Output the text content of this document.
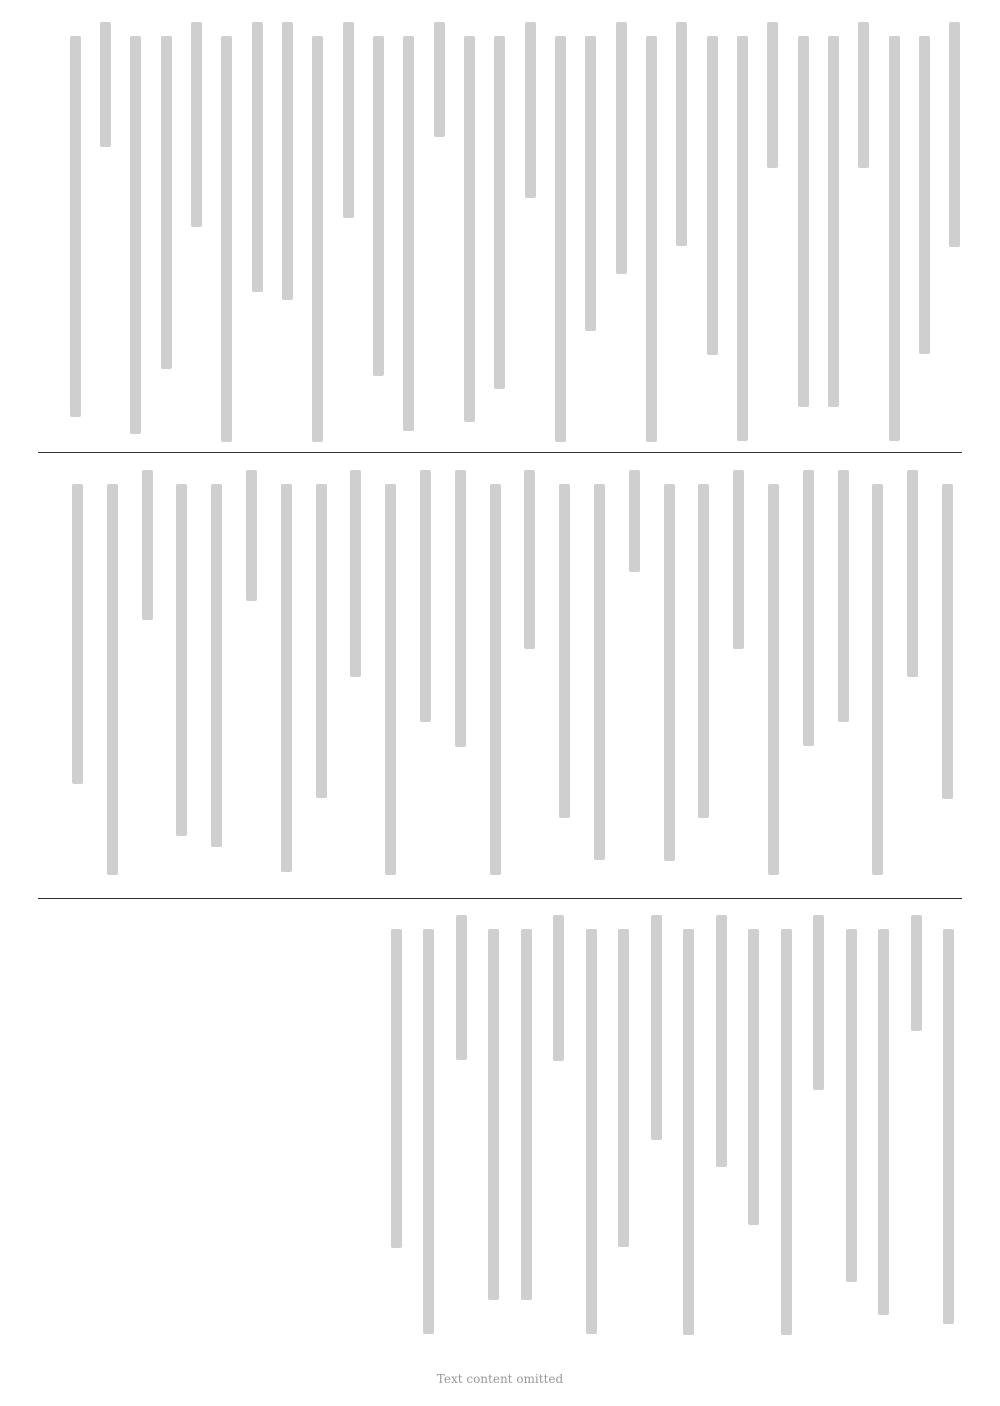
Text content omitted
